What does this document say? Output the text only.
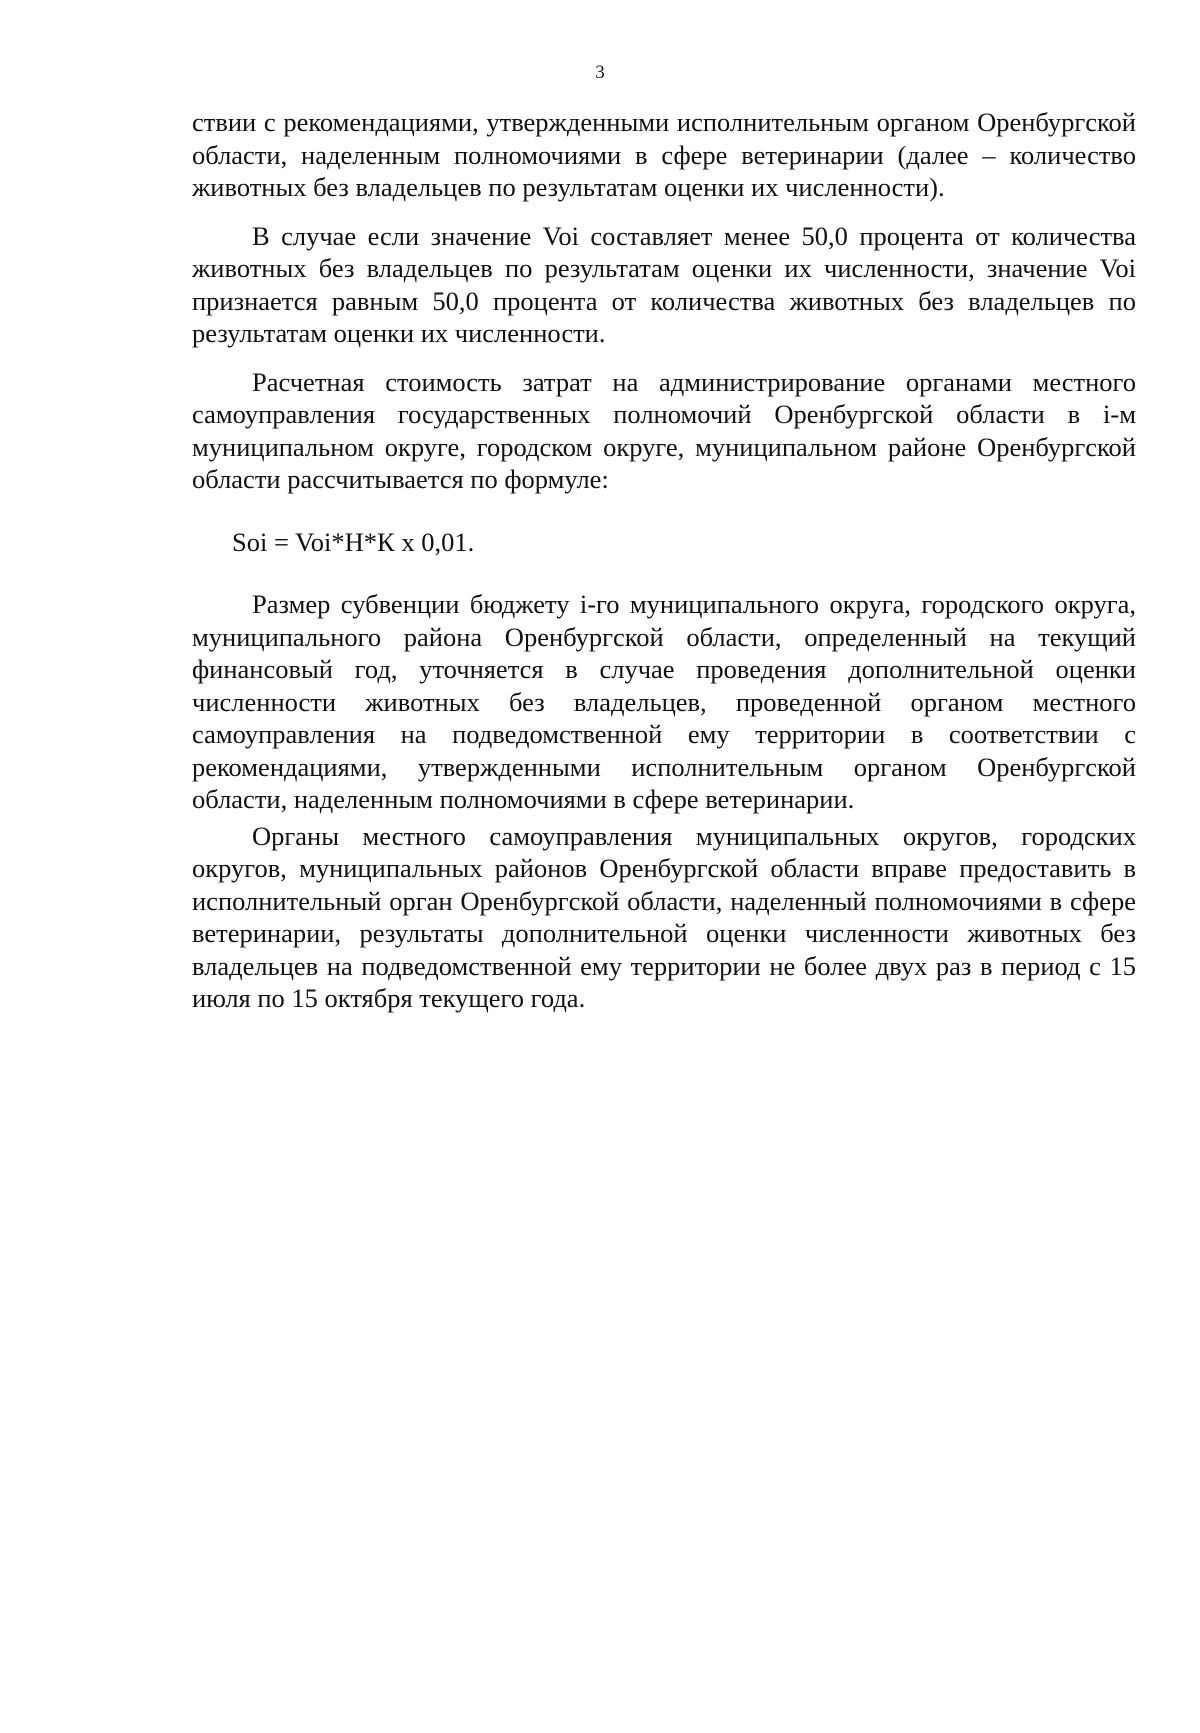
3

ствии с рекомендациями, утвержденными исполнительным органом Оренбургской области, наделенным полномочиями в сфере ветеринарии (далее – количество животных без владельцев по результатам оценки их численности).

В случае если значение Voi составляет менее 50,0 процента от количества животных без владельцев по результатам оценки их численности, значение Voi признается равным 50,0 процента от количества животных без владельцев по результатам оценки их численности.

Расчетная стоимость затрат на администрирование органами местного самоуправления государственных полномочий Оренбургской области в i-м муниципальном округе, городском округе, муниципальном районе Оренбургской области рассчитывается по формуле:

Soi = Voi*Н*К х 0,01.

Размер субвенции бюджету i-го муниципального округа, городского округа, муниципального района Оренбургской области, определенный на текущий финансовый год, уточняется в случае проведения дополнительной оценки численности животных без владельцев, проведенной органом местного самоуправления на подведомственной ему территории в соответствии с рекомендациями, утвержденными исполнительным органом Оренбургской области, наделенным полномочиями в сфере ветеринарии.

Органы местного самоуправления муниципальных округов, городских округов, муниципальных районов Оренбургской области вправе предоставить в исполнительный орган Оренбургской области, наделенный полномочиями в сфере ветеринарии, результаты дополнительной оценки численности животных без владельцев на подведомственной ему территории не более двух раз в период с 15 июля по 15 октября текущего года.
